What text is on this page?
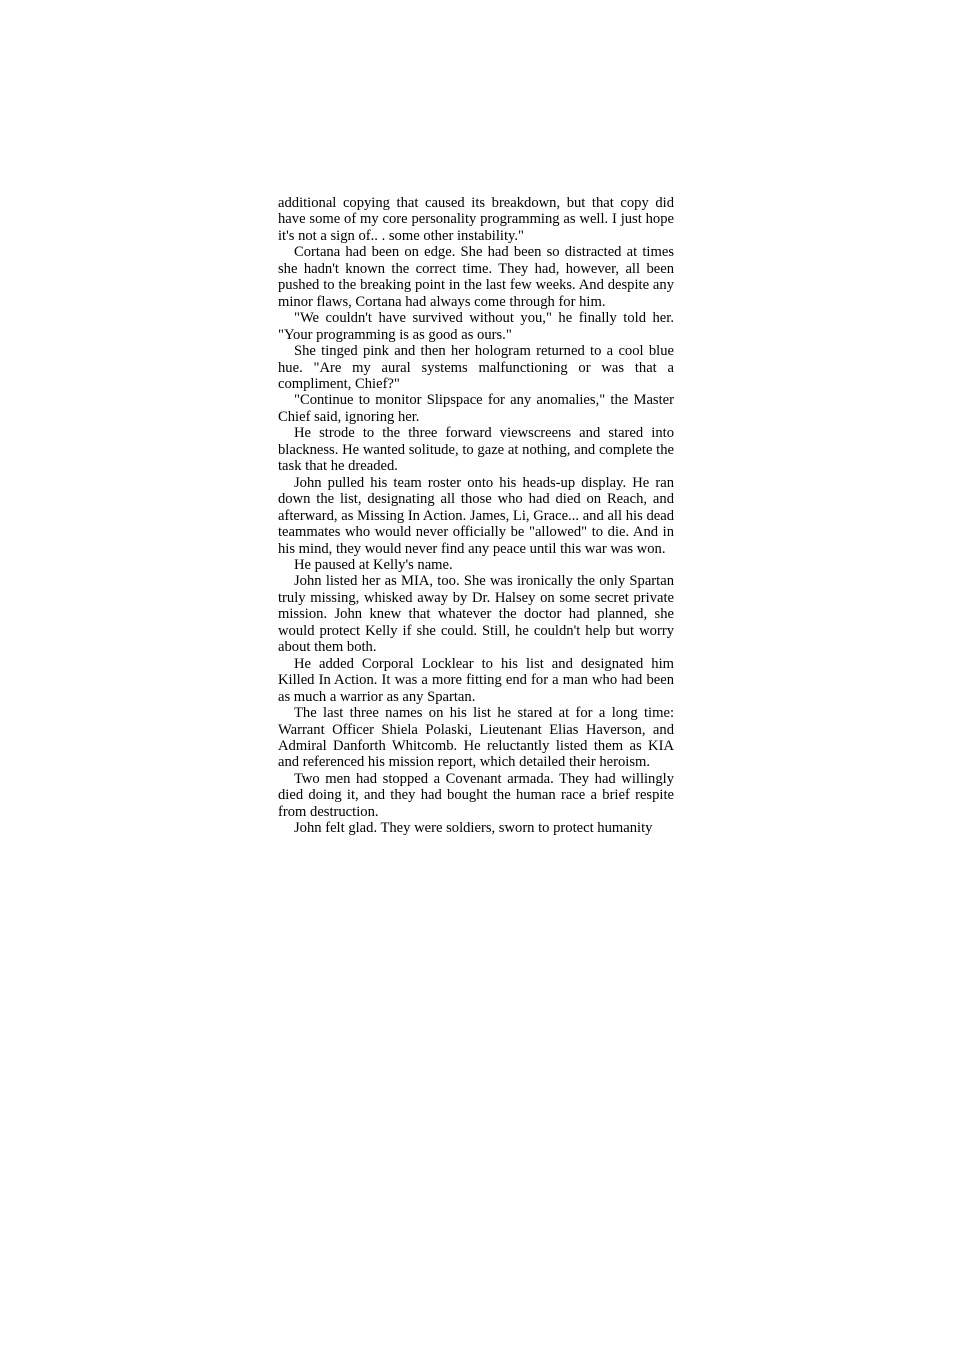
additional copying that caused its breakdown, but that copy did have some of my core personality programming as well. I just hope it's not a sign of.. . some other instability."

Cortana had been on edge. She had been so distracted at times she hadn't known the correct time. They had, however, all been pushed to the breaking point in the last few weeks. And despite any minor flaws, Cortana had always come through for him.

"We couldn't have survived without you," he finally told her. "Your programming is as good as ours."

She tinged pink and then her hologram returned to a cool blue hue. "Are my aural systems malfunctioning or was that a compliment, Chief?"

"Continue to monitor Slipspace for any anomalies," the Master Chief said, ignoring her.

He strode to the three forward viewscreens and stared into blackness. He wanted solitude, to gaze at nothing, and complete the task that he dreaded.

John pulled his team roster onto his heads-up display. He ran down the list, designating all those who had died on Reach, and afterward, as Missing In Action. James, Li, Grace... and all his dead teammates who would never officially be "allowed" to die. And in his mind, they would never find any peace until this war was won.

He paused at Kelly's name.

John listed her as MIA, too. She was ironically the only Spartan truly missing, whisked away by Dr. Halsey on some secret private mission. John knew that whatever the doctor had planned, she would protect Kelly if she could. Still, he couldn't help but worry about them both.

He added Corporal Locklear to his list and designated him Killed In Action. It was a more fitting end for a man who had been as much a warrior as any Spartan.

The last three names on his list he stared at for a long time: Warrant Officer Shiela Polaski, Lieutenant Elias Haverson, and Admiral Danforth Whitcomb. He reluctantly listed them as KIA and referenced his mission report, which detailed their heroism.

Two men had stopped a Covenant armada. They had willingly died doing it, and they had bought the human race a brief respite from destruction.

John felt glad. They were soldiers, sworn to protect humanity
